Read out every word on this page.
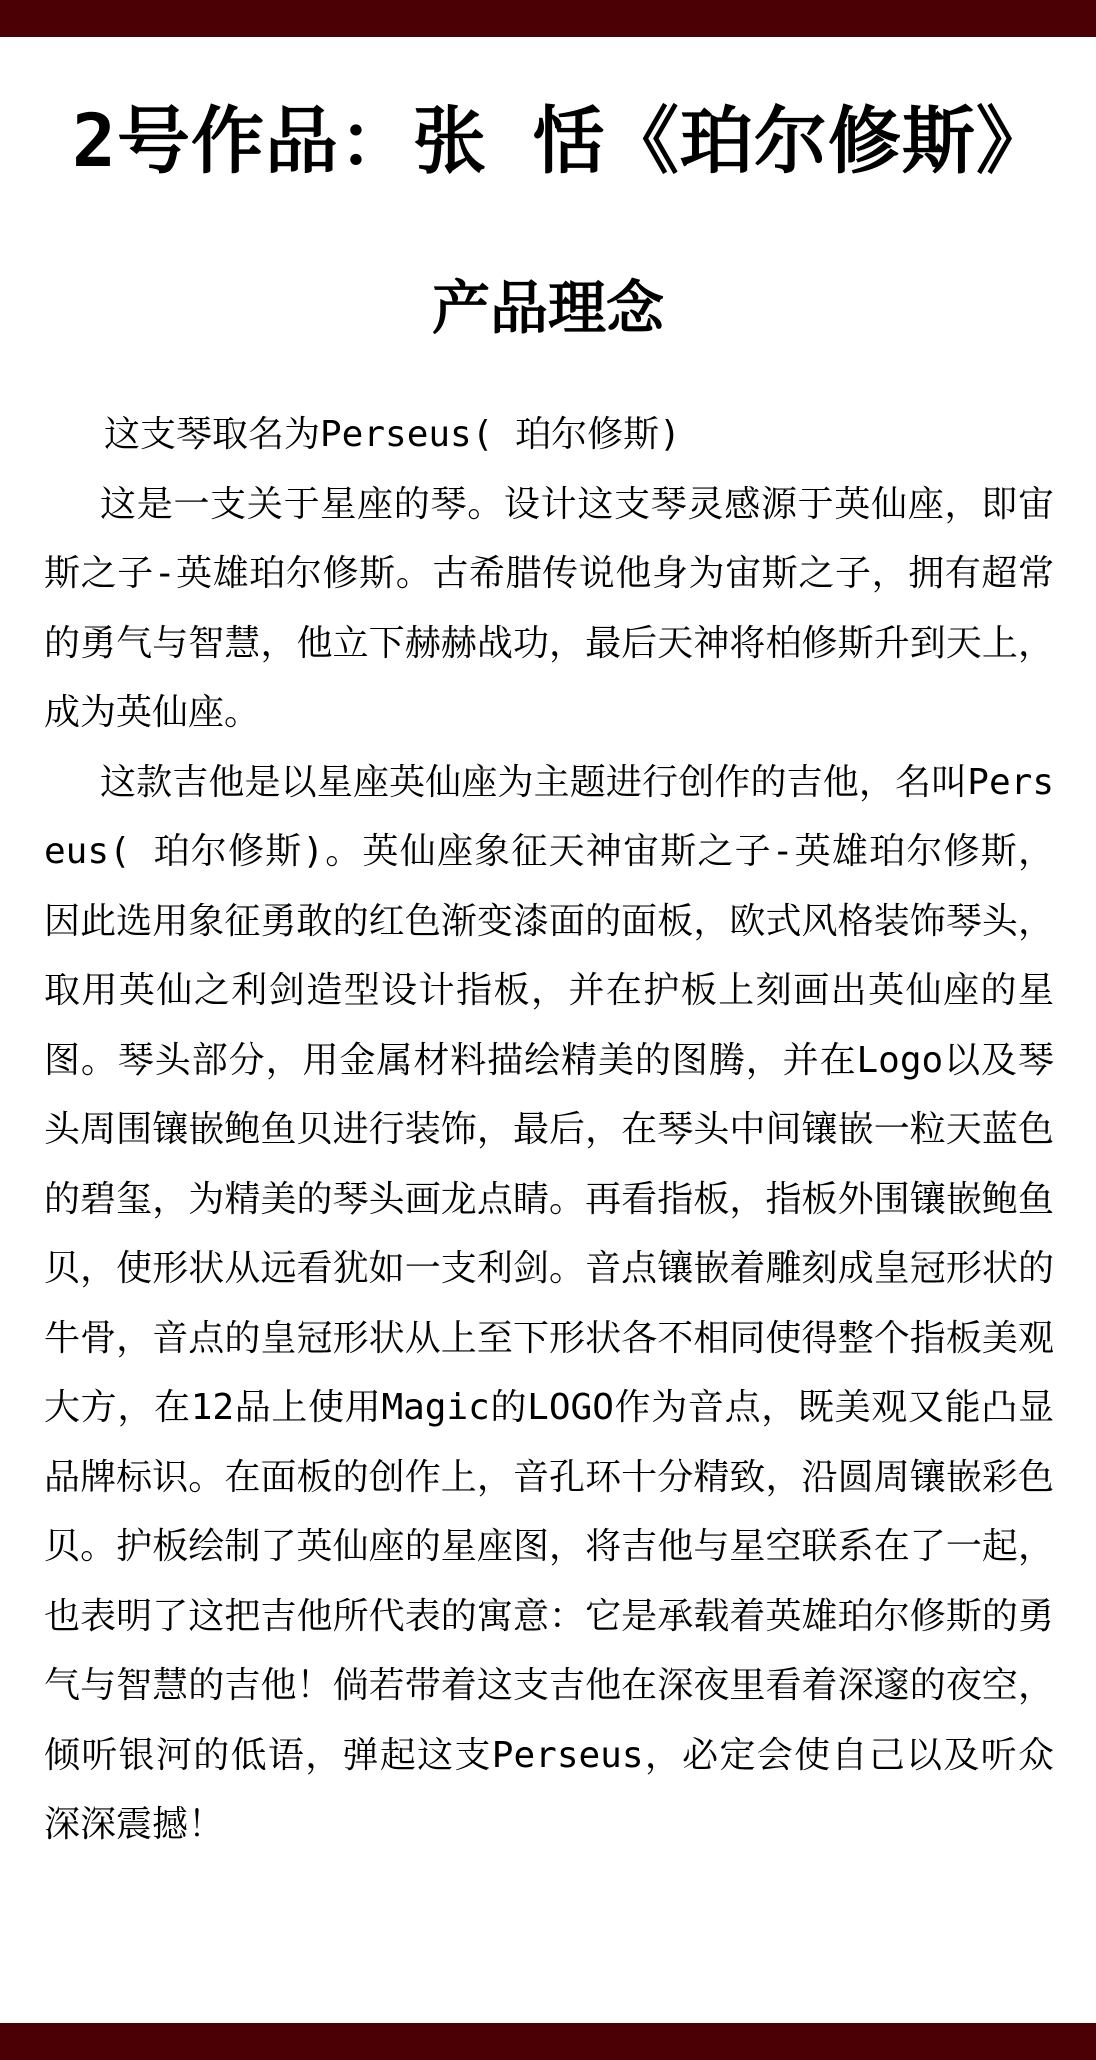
2号作品：张 恬《珀尔修斯》
产品理念

这支琴取名为Perseus( 珀尔修斯)

这是一支关于星座的琴。设计这支琴灵感源于英仙座，即宙斯之子-英雄珀尔修斯。古希腊传说他身为宙斯之子，拥有超常的勇气与智慧，他立下赫赫战功，最后天神将柏修斯升到天上，成为英仙座。

这款吉他是以星座英仙座为主题进行创作的吉他，名叫Perseus( 珀尔修斯)。英仙座象征天神宙斯之子-英雄珀尔修斯，因此选用象征勇敢的红色渐变漆面的面板，欧式风格装饰琴头，取用英仙之利剑造型设计指板，并在护板上刻画出英仙座的星图。琴头部分，用金属材料描绘精美的图腾，并在Logo以及琴头周围镶嵌鲍鱼贝进行装饰，最后，在琴头中间镶嵌一粒天蓝色的碧玺，为精美的琴头画龙点睛。再看指板，指板外围镶嵌鲍鱼贝，使形状从远看犹如一支利剑。音点镶嵌着雕刻成皇冠形状的牛骨，音点的皇冠形状从上至下形状各不相同使得整个指板美观大方，在12品上使用Magic的LOGO作为音点，既美观又能凸显品牌标识。在面板的创作上，音孔环十分精致，沿圆周镶嵌彩色贝。护板绘制了英仙座的星座图，将吉他与星空联系在了一起，也表明了这把吉他所代表的寓意：它是承载着英雄珀尔修斯的勇气与智慧的吉他！倘若带着这支吉他在深夜里看着深邃的夜空，倾听银河的低语，弹起这支Perseus，必定会使自己以及听众深深震撼！
